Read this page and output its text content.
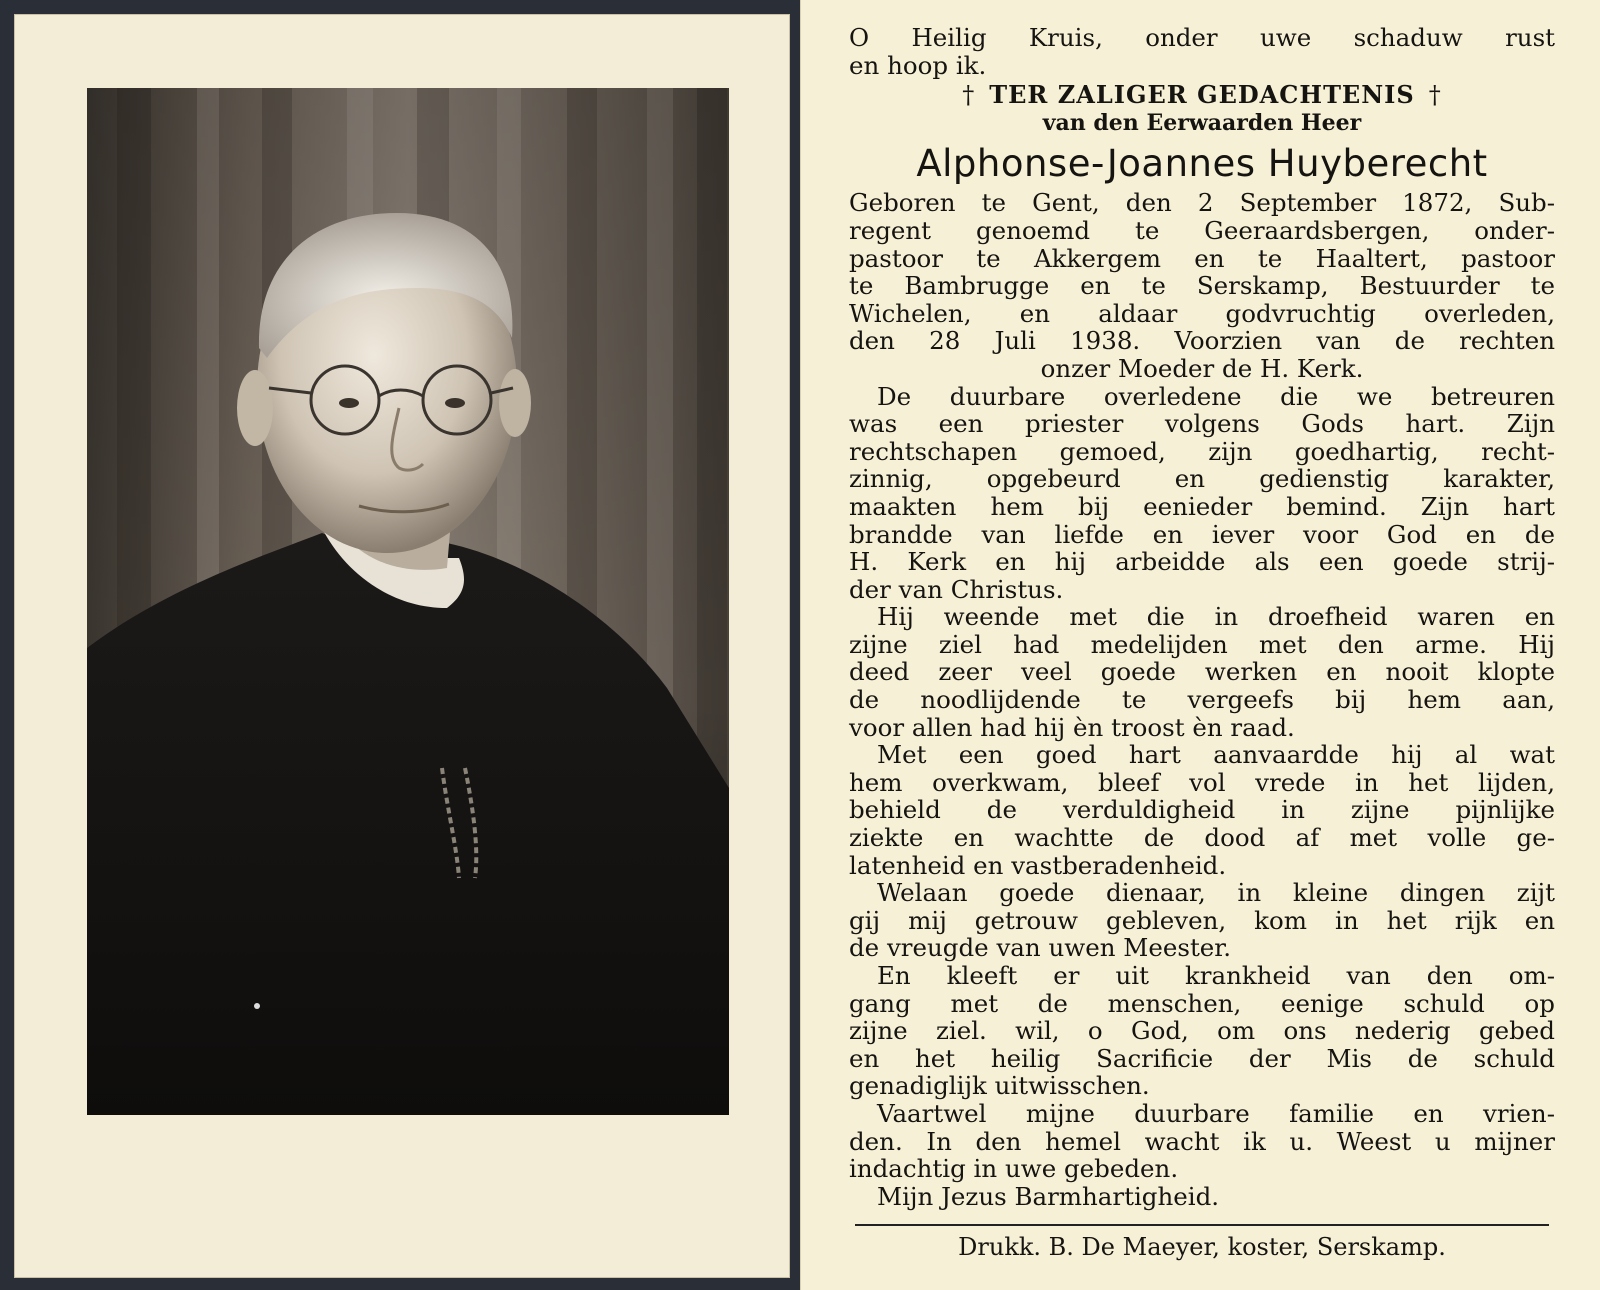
O Heilig Kruis, onder uwe schaduw rust
en hoop ik.
† TER ZALIGER GEDACHTENIS †
van den Eerwaarden Heer
Alphonse-Joannes Huyberecht
Geboren te Gent, den 2 September 1872, Sub-
regent genoemd te Geeraardsbergen, onder-
pastoor te Akkergem en te Haaltert, pastoor
te Bambrugge en te Serskamp, Bestuurder te
Wichelen, en aldaar godvruchtig overleden,
den 28 Juli 1938. Voorzien van de rechten
onzer Moeder de H. Kerk.
De duurbare overledene die we betreuren
was een priester volgens Gods hart. Zijn
rechtschapen gemoed, zijn goedhartig, recht-
zinnig, opgebeurd en gedienstig karakter,
maakten hem bij eenieder bemind. Zijn hart
brandde van liefde en iever voor God en de
H. Kerk en hij arbeidde als een goede strij-
der van Christus.
Hij weende met die in droefheid waren en
zijne ziel had medelijden met den arme. Hij
deed zeer veel goede werken en nooit klopte
de noodlijdende te vergeefs bij hem aan,
voor allen had hij èn troost èn raad.
Met een goed hart aanvaardde hij al wat
hem overkwam, bleef vol vrede in het lijden,
behield de verduldigheid in zijne pijnlijke
ziekte en wachtte de dood af met volle ge-
latenheid en vastberadenheid.
Welaan goede dienaar, in kleine dingen zijt
gij mij getrouw gebleven, kom in het rijk en
de vreugde van uwen Meester.
En kleeft er uit krankheid van den om-
gang met de menschen, eenige schuld op
zijne ziel. wil, o God, om ons nederig gebed
en het heilig Sacrificie der Mis de schuld
genadiglijk uitwisschen.
Vaartwel mijne duurbare familie en vrien-
den. In den hemel wacht ik u. Weest u mijner
indachtig in uwe gebeden.
Mijn Jezus Barmhartigheid.
Drukk. B. De Maeyer, koster, Serskamp.
